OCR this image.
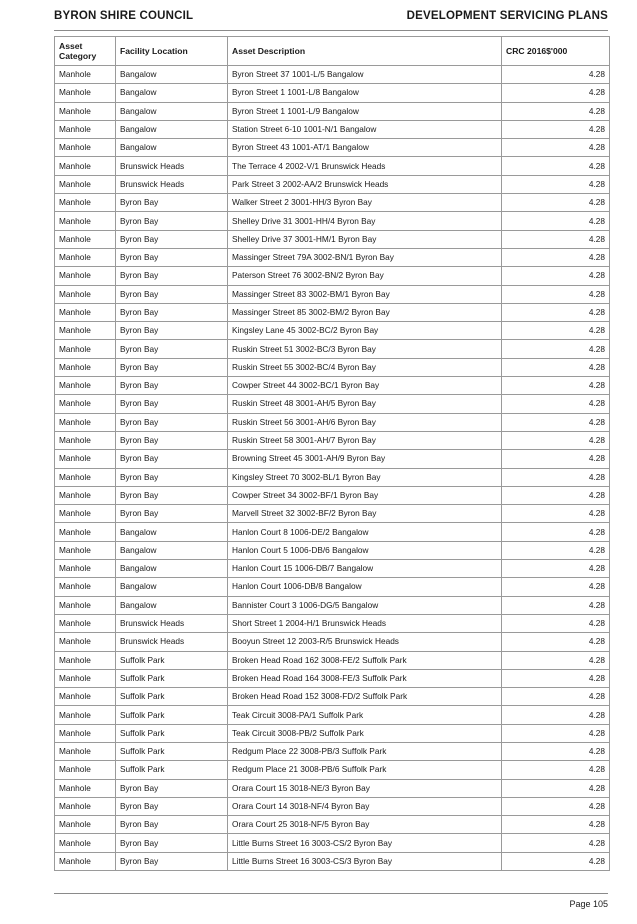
BYRON SHIRE COUNCIL	DEVELOPMENT SERVICING PLANS
Asset Category	Facility Location	Asset Description	CRC 2016$'000
Manhole	Bangalow	Byron Street 37 1001-L/5 Bangalow	4.28
Manhole	Bangalow	Byron Street 1 1001-L/8 Bangalow	4.28
Manhole	Bangalow	Byron Street 1 1001-L/9 Bangalow	4.28
Manhole	Bangalow	Station Street 6-10 1001-N/1 Bangalow	4.28
Manhole	Bangalow	Byron Street 43 1001-AT/1 Bangalow	4.28
Manhole	Brunswick Heads	The Terrace 4 2002-V/1 Brunswick Heads	4.28
Manhole	Brunswick Heads	Park Street 3 2002-AA/2 Brunswick Heads	4.28
Manhole	Byron Bay	Walker Street 2 3001-HH/3 Byron Bay	4.28
Manhole	Byron Bay	Shelley Drive 31 3001-HH/4 Byron Bay	4.28
Manhole	Byron Bay	Shelley Drive 37 3001-HM/1 Byron Bay	4.28
Manhole	Byron Bay	Massinger Street 79A 3002-BN/1 Byron Bay	4.28
Manhole	Byron Bay	Paterson Street 76 3002-BN/2 Byron Bay	4.28
Manhole	Byron Bay	Massinger Street 83 3002-BM/1 Byron Bay	4.28
Manhole	Byron Bay	Massinger Street 85 3002-BM/2 Byron Bay	4.28
Manhole	Byron Bay	Kingsley Lane 45 3002-BC/2 Byron Bay	4.28
Manhole	Byron Bay	Ruskin Street 51 3002-BC/3 Byron Bay	4.28
Manhole	Byron Bay	Ruskin Street 55 3002-BC/4 Byron Bay	4.28
Manhole	Byron Bay	Cowper Street 44 3002-BC/1 Byron Bay	4.28
Manhole	Byron Bay	Ruskin Street 48 3001-AH/5 Byron Bay	4.28
Manhole	Byron Bay	Ruskin Street 56 3001-AH/6 Byron Bay	4.28
Manhole	Byron Bay	Ruskin Street 58 3001-AH/7 Byron Bay	4.28
Manhole	Byron Bay	Browning Street 45 3001-AH/9 Byron Bay	4.28
Manhole	Byron Bay	Kingsley Street 70 3002-BL/1 Byron Bay	4.28
Manhole	Byron Bay	Cowper Street 34 3002-BF/1 Byron Bay	4.28
Manhole	Byron Bay	Marvell Street 32 3002-BF/2 Byron Bay	4.28
Manhole	Bangalow	Hanlon Court 8 1006-DE/2 Bangalow	4.28
Manhole	Bangalow	Hanlon Court 5 1006-DB/6 Bangalow	4.28
Manhole	Bangalow	Hanlon Court 15 1006-DB/7 Bangalow	4.28
Manhole	Bangalow	Hanlon Court 1006-DB/8 Bangalow	4.28
Manhole	Bangalow	Bannister Court 3 1006-DG/5 Bangalow	4.28
Manhole	Brunswick Heads	Short Street 1 2004-H/1 Brunswick Heads	4.28
Manhole	Brunswick Heads	Booyun Street 12 2003-R/5 Brunswick Heads	4.28
Manhole	Suffolk Park	Broken Head Road 162 3008-FE/2 Suffolk Park	4.28
Manhole	Suffolk Park	Broken Head Road 164 3008-FE/3 Suffolk Park	4.28
Manhole	Suffolk Park	Broken Head Road 152 3008-FD/2 Suffolk Park	4.28
Manhole	Suffolk Park	Teak Circuit 3008-PA/1 Suffolk Park	4.28
Manhole	Suffolk Park	Teak Circuit 3008-PB/2 Suffolk Park	4.28
Manhole	Suffolk Park	Redgum Place 22 3008-PB/3 Suffolk Park	4.28
Manhole	Suffolk Park	Redgum Place 21 3008-PB/6 Suffolk Park	4.28
Manhole	Byron Bay	Orara Court 15 3018-NE/3 Byron Bay	4.28
Manhole	Byron Bay	Orara Court 14 3018-NF/4 Byron Bay	4.28
Manhole	Byron Bay	Orara Court 25 3018-NF/5 Byron Bay	4.28
Manhole	Byron Bay	Little Burns Street 16 3003-CS/2 Byron Bay	4.28
Manhole	Byron Bay	Little Burns Street 16 3003-CS/3 Byron Bay	4.28
Page 105
